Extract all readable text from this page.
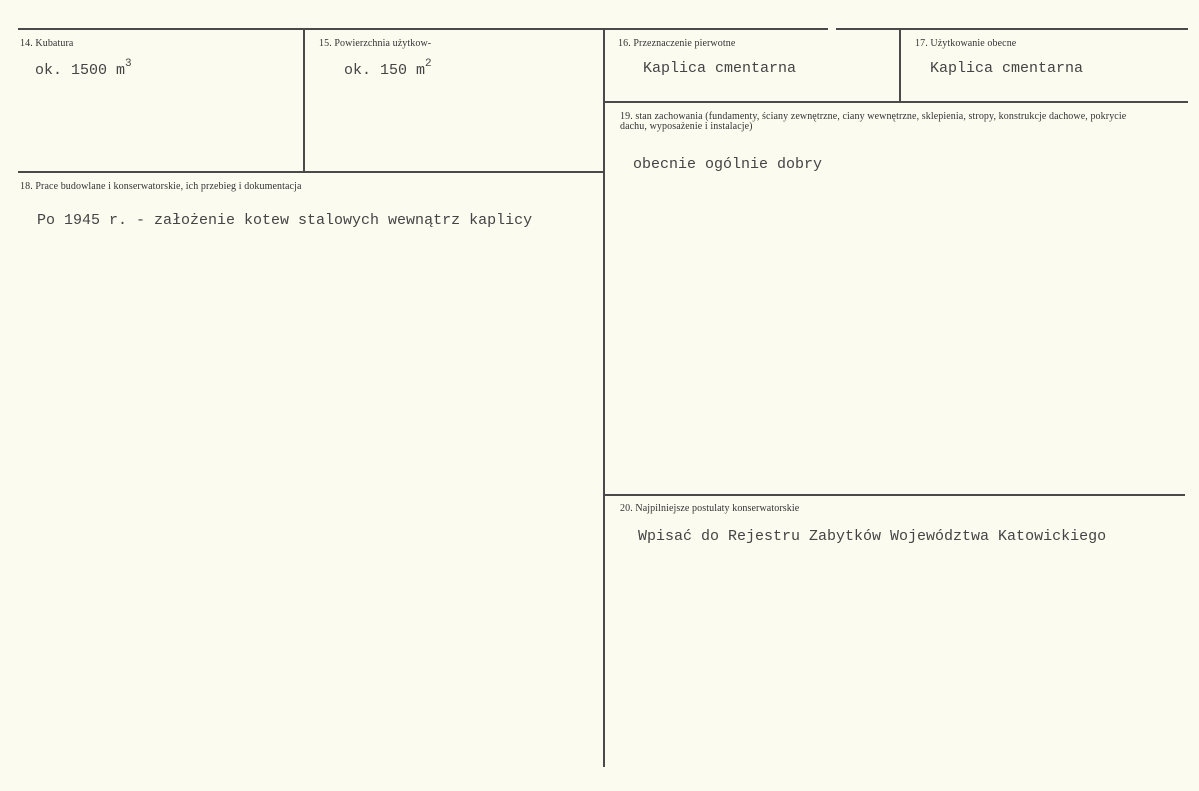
14. Kubatura
ok. 1500 $m^3$
15. Powierzchnia użytkow-
ok. 150 $m^2$
16. Przeznaczenie pierwotne
Kaplica cmentarna
17. Użytkowanie obecne
Kaplica cmentarna
18. Prace budowlane i konserwatorskie, ich przebieg i dokumentacja
Po 1945 r. - założenie kotew stalowych wewnątrz kaplicy
19. stan zachowania (fundamenty, ściany zewnętrzne, ciany wewnętrzne, sklepienia, stropy, konstrukcje dachowe, pokrycie dachu, wyposażenie i instalacje)
obecnie ogólnie dobry
20. Najpilniejsze postulaty konserwatorskie
Wpisać do Rejestru Zabytków Województwa Katowickiego
